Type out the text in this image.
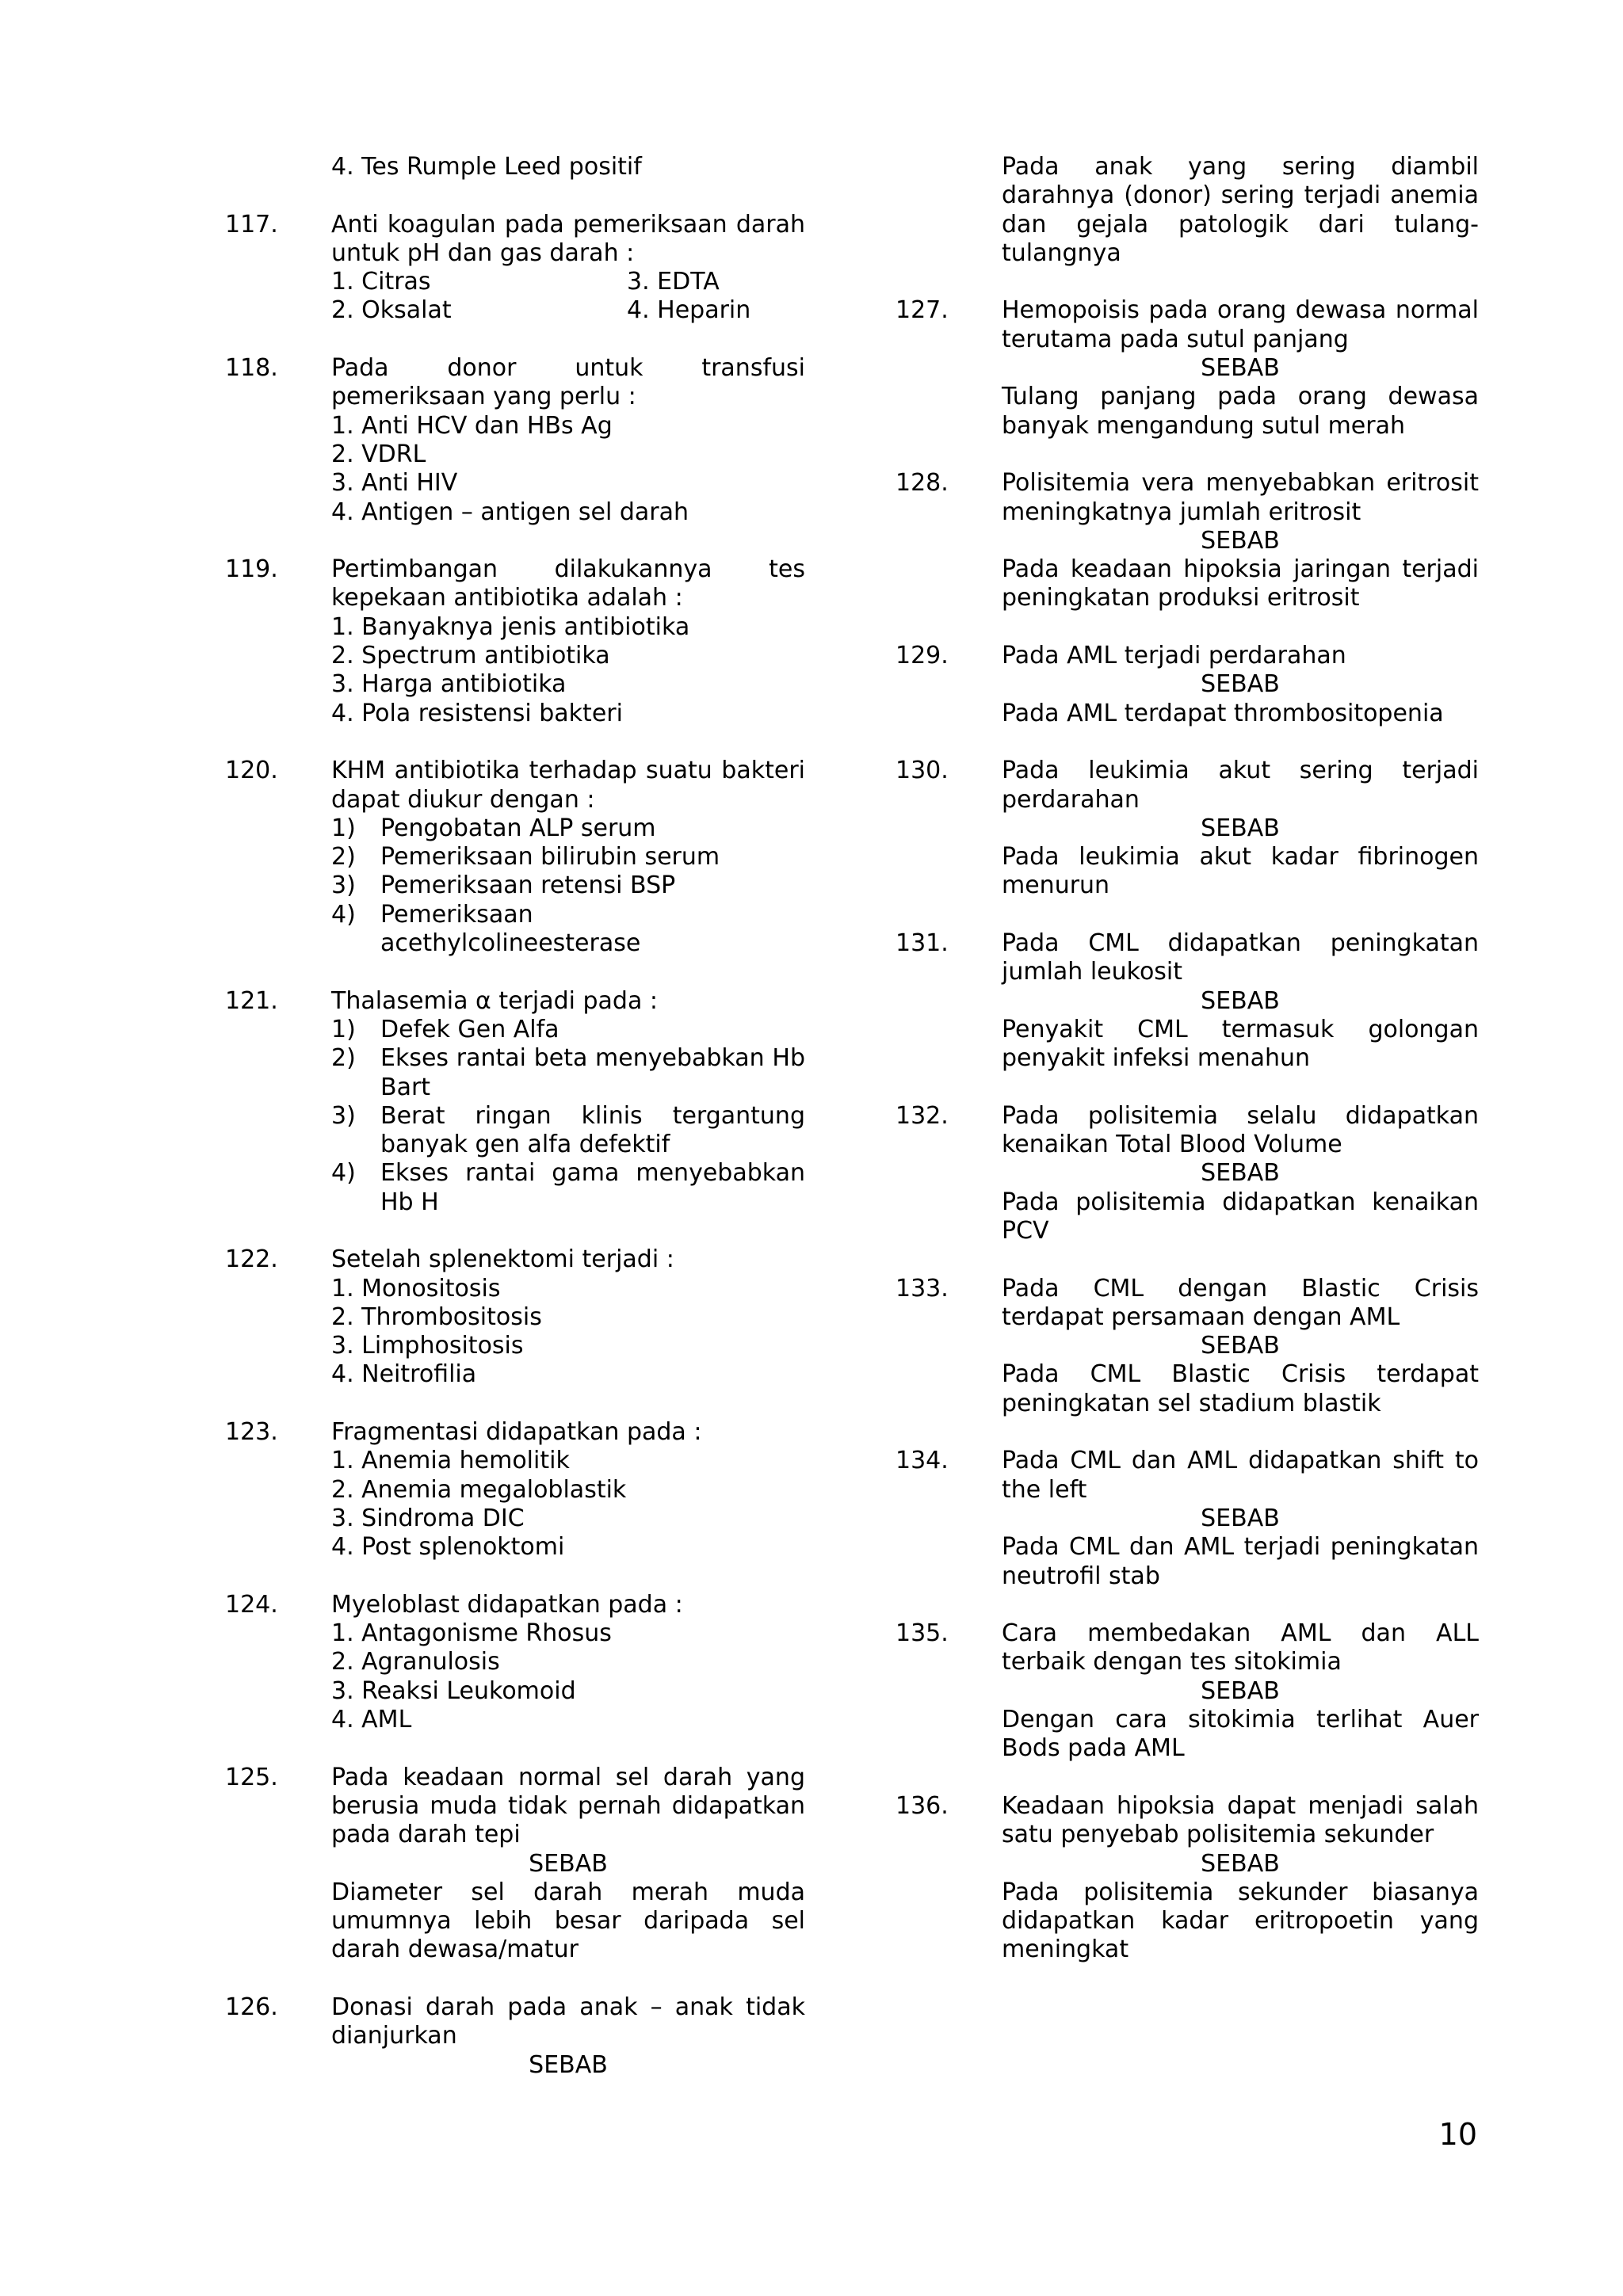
4. Tes Rumple Leed positif
117. Anti koagulan pada pemeriksaan darah untuk pH dan gas darah :
1. Citras	3. EDTA
2. Oksalat	4. Heparin
118. Pada donor untuk transfusi pemeriksaan yang perlu :
1. Anti HCV dan HBs Ag
2. VDRL
3. Anti HIV
4. Antigen – antigen sel darah
119. Pertimbangan dilakukannya tes kepekaan antibiotika adalah :
1. Banyaknya jenis antibiotika
2. Spectrum antibiotika
3. Harga antibiotika
4. Pola resistensi bakteri
120. KHM antibiotika terhadap suatu bakteri dapat diukur dengan :
1)	Pengobatan ALP serum
2)	Pemeriksaan bilirubin serum
3)	Pemeriksaan retensi BSP
4)	Pemeriksaan acethylcolineesterase
121. Thalasemia α terjadi pada :
1)	Defek Gen Alfa
2)	Ekses rantai beta menyebabkan Hb Bart
3)	Berat ringan klinis tergantung banyak gen alfa defektif
4)	Ekses rantai gama menyebabkan Hb H
122. Setelah splenektomi terjadi :
1. Monositosis
2. Thrombositosis
3. Limphositosis
4. Neitrofilia
123. Fragmentasi didapatkan pada :
1. Anemia hemolitik
2. Anemia megaloblastik
3. Sindroma DIC
4. Post splenoktomi
124. Myeloblast didapatkan pada :
1. Antagonisme Rhosus
2. Agranulosis
3. Reaksi Leukomoid
4. AML
125. Pada keadaan normal sel darah yang berusia muda tidak pernah didapatkan pada darah tepi
SEBAB
Diameter sel darah merah muda umumnya lebih besar daripada sel darah dewasa/matur
126. Donasi darah pada anak – anak tidak dianjurkan
SEBAB
Pada anak yang sering diambil darahnya (donor) sering terjadi anemia dan gejala patologik dari tulang-tulangnya
127. Hemopoisis pada orang dewasa normal terutama pada sutul panjang
SEBAB
Tulang panjang pada orang dewasa banyak mengandung sutul merah
128. Polisitemia vera menyebabkan eritrosit meningkatnya jumlah eritrosit
SEBAB
Pada keadaan hipoksia jaringan terjadi peningkatan produksi eritrosit
129. Pada AML terjadi perdarahan
SEBAB
Pada AML terdapat thrombositopenia
130. Pada leukimia akut sering terjadi perdarahan
SEBAB
Pada leukimia akut kadar fibrinogen menurun
131. Pada CML didapatkan peningkatan jumlah leukosit
SEBAB
Penyakit CML termasuk golongan penyakit infeksi menahun
132. Pada polisitemia selalu didapatkan kenaikan Total Blood Volume
SEBAB
Pada polisitemia didapatkan kenaikan PCV
133. Pada CML dengan Blastic Crisis terdapat persamaan dengan AML
SEBAB
Pada CML Blastic Crisis terdapat peningkatan sel stadium blastik
134. Pada CML dan AML didapatkan shift to the left
SEBAB
Pada CML dan AML terjadi peningkatan neutrofil stab
135. Cara membedakan AML dan ALL terbaik dengan tes sitokimia
SEBAB
Dengan cara sitokimia terlihat Auer Bods pada AML
136. Keadaan hipoksia dapat menjadi salah satu penyebab polisitemia sekunder
SEBAB
Pada polisitemia sekunder biasanya didapatkan kadar eritropoetin yang meningkat
10
